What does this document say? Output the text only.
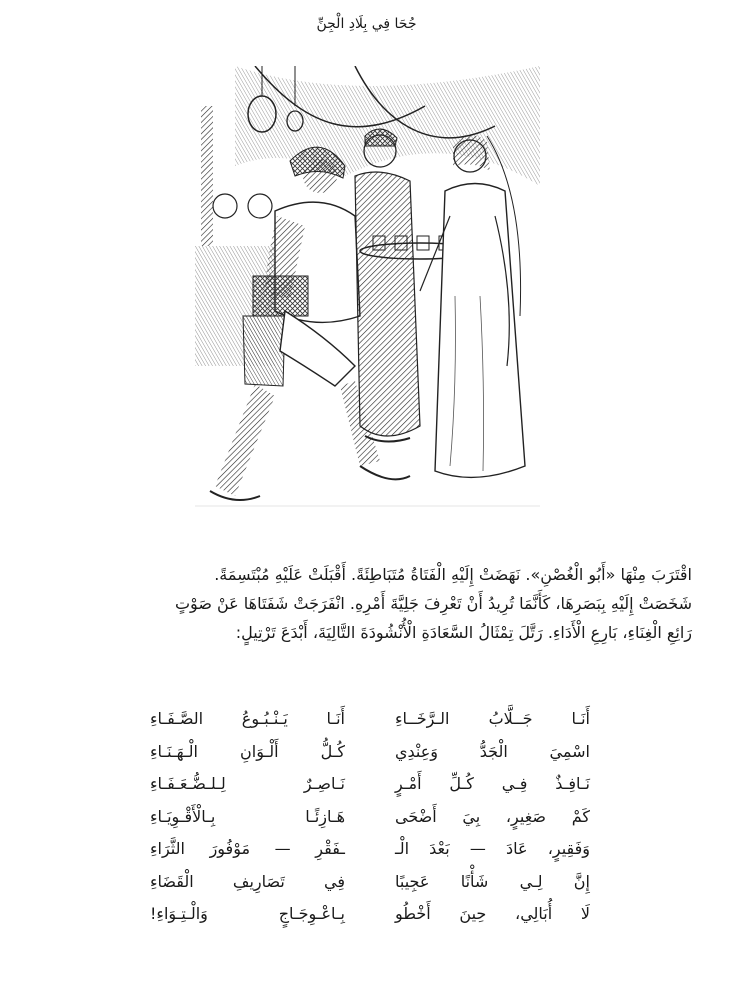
جُحَا فِي بِلَادِ الْجِنِّ

اقْتَرَبَ مِنْهَا «أَبُو الْغُصْنِ». نَهَضَتْ إِلَيْهِ الْفَتَاةُ مُتَبَاطِئَةً. أَقْبَلَتْ عَلَيْهِ مُبْتَسِمَةً.

شَخَصَتْ إِلَيْهِ بِبَصَرِهَا، كَأَنَّمَا تُرِيدُ أَنْ تَعْرِفَ جَلِيَّةَ أَمْرِهِ. انْفَرَجَتْ شَفَتَاهَا عَنْ صَوْتٍ

رَائِعِ الْغِنَاءِ، بَارِعِ الْأَدَاءِ. رَتَّلَ تِمْثَالُ السَّعَادَةِ الْأُنْشُودَةَ التَّالِيَةَ، أَبْدَعَ تَرْتِيلٍ:

أَنَـا جَــلَّابُ الـرَّخَــاءِ
أَنَـا يَـنْـبُـوعُ الصَّـفَـاءِ
اسْمِيَ الْجَدُّ وَعِنْدِي
كُـلُّ أَلْـوَانِ الْـهَـنَـاءِ
نَـافِـذٌ فِـي كُـلِّ أَمْـرٍ
نَـاصِـرٌ لِـلـضُّـعَـفَـاءِ
كَمْ صَغِيرٍ، بِيَ أَضْحَى
هَـازِئًـا بِـالْأَقْـوِيَـاءِ
وَفَقِيرٍ، عَادَ — بَعْدَ الْـ
ـفَقْرِ — مَوْفُورَ الثَّرَاءِ
إِنَّ لِـي شَأْنًا عَجِيبًا
فِي تَصَارِيفِ الْقَضَاءِ
لَا أُبَالِي، حِينَ أَخْطُو
بِـاعْـوِجَـاجٍ وَالْـتِـوَاءِ!
